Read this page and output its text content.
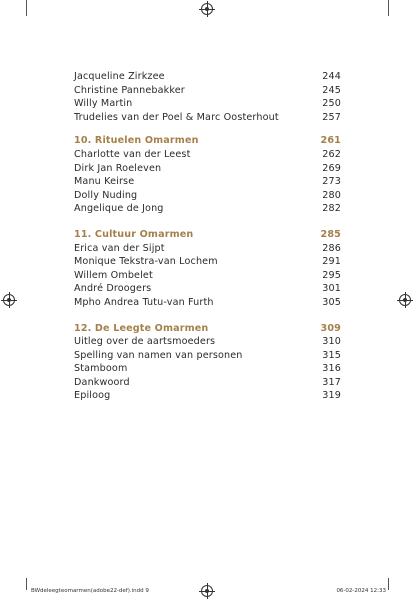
Jacqueline Zirkzee	244
Christine Pannebakker	245
Willy Martin	250
Trudelies van der Poel & Marc Oosterhout	257
10. Rituelen Omarmen	261
Charlotte van der Leest	262
Dirk Jan Roeleven	269
Manu Keirse	273
Dolly Nuding	280
Angelique de Jong	282
11. Cultuur Omarmen	285
Erica van der Sijpt	286
Monique Tekstra-van Lochem	291
Willem Ombelet	295
André Droogers	301
Mpho Andrea Tutu-van Furth	305
12. De Leegte Omarmen	309
Uitleg over de aartsmoeders	310
Spelling van namen van personen	315
Stamboom	316
Dankwoord	317
Epiloog	319
BWdeleegteomarmen(adobe22-def).indd 9	06-02-2024 12:33
